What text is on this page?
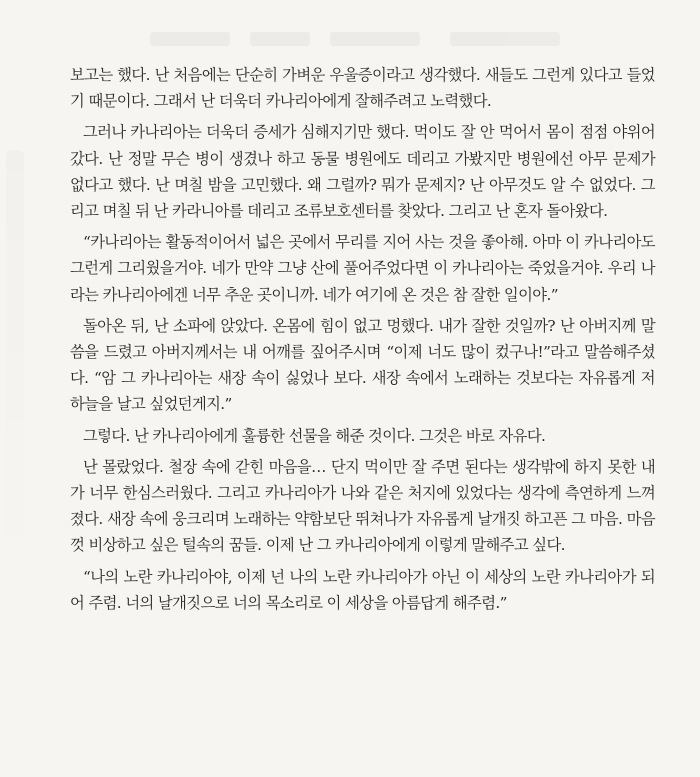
보고는 했다. 난 처음에는 단순히 가벼운 우울증이라고 생각했다. 새들도 그런게 있다고 들었기 때문이다. 그래서 난 더욱더 카나리아에게 잘해주려고 노력했다.

그러나 카나리아는 더욱더 증세가 심해지기만 했다. 먹이도 잘 안 먹어서 몸이 점점 야위어 갔다. 난 정말 무슨 병이 생겼나 하고 동물 병원에도 데리고 가봤지만 병원에선 아무 문제가 없다고 했다. 난 며칠 밤을 고민했다. 왜 그럴까? 뭐가 문제지? 난 아무것도 알 수 없었다. 그리고 며칠 뒤 난 카라니아를 데리고 조류보호센터를 찾았다. 그리고 난 혼자 돌아왔다.

“카나리아는 활동적이어서 넓은 곳에서 무리를 지어 사는 것을 좋아해. 아마 이 카나리아도 그런게 그리웠을거야. 네가 만약 그냥 산에 풀어주었다면 이 카나리아는 죽었을거야. 우리 나라는 카나리아에겐 너무 추운 곳이니까. 네가 여기에 온 것은 참 잘한 일이야.”

돌아온 뒤, 난 소파에 앉았다. 온몸에 힘이 없고 멍했다. 내가 잘한 것일까? 난 아버지께 말씀을 드렸고 아버지께서는 내 어깨를 짚어주시며 “이제 너도 많이 컸구나!”라고 말씀해주셨다. “암 그 카나리아는 새장 속이 싫었나 보다. 새장 속에서 노래하는 것보다는 자유롭게 저 하늘을 날고 싶었던게지.”

그렇다. 난 카나리아에게 훌륭한 선물을 해준 것이다. 그것은 바로 자유다.

난 몰랐었다. 철장 속에 갇힌 마음을… 단지 먹이만 잘 주면 된다는 생각밖에 하지 못한 내가 너무 한심스러웠다. 그리고 카나리아가 나와 같은 처지에 있었다는 생각에 측연하게 느껴졌다. 새장 속에 웅크리며 노래하는 약함보단 뛰쳐나가 자유롭게 날개짓 하고픈 그 마음. 마음껏 비상하고 싶은 털속의 꿈들. 이제 난 그 카나리아에게 이렇게 말해주고 싶다.

“나의 노란 카나리아야, 이제 넌 나의 노란 카나리아가 아닌 이 세상의 노란 카나리아가 되어 주렴. 너의 날개짓으로 너의 목소리로 이 세상을 아름답게 해주렴.”
